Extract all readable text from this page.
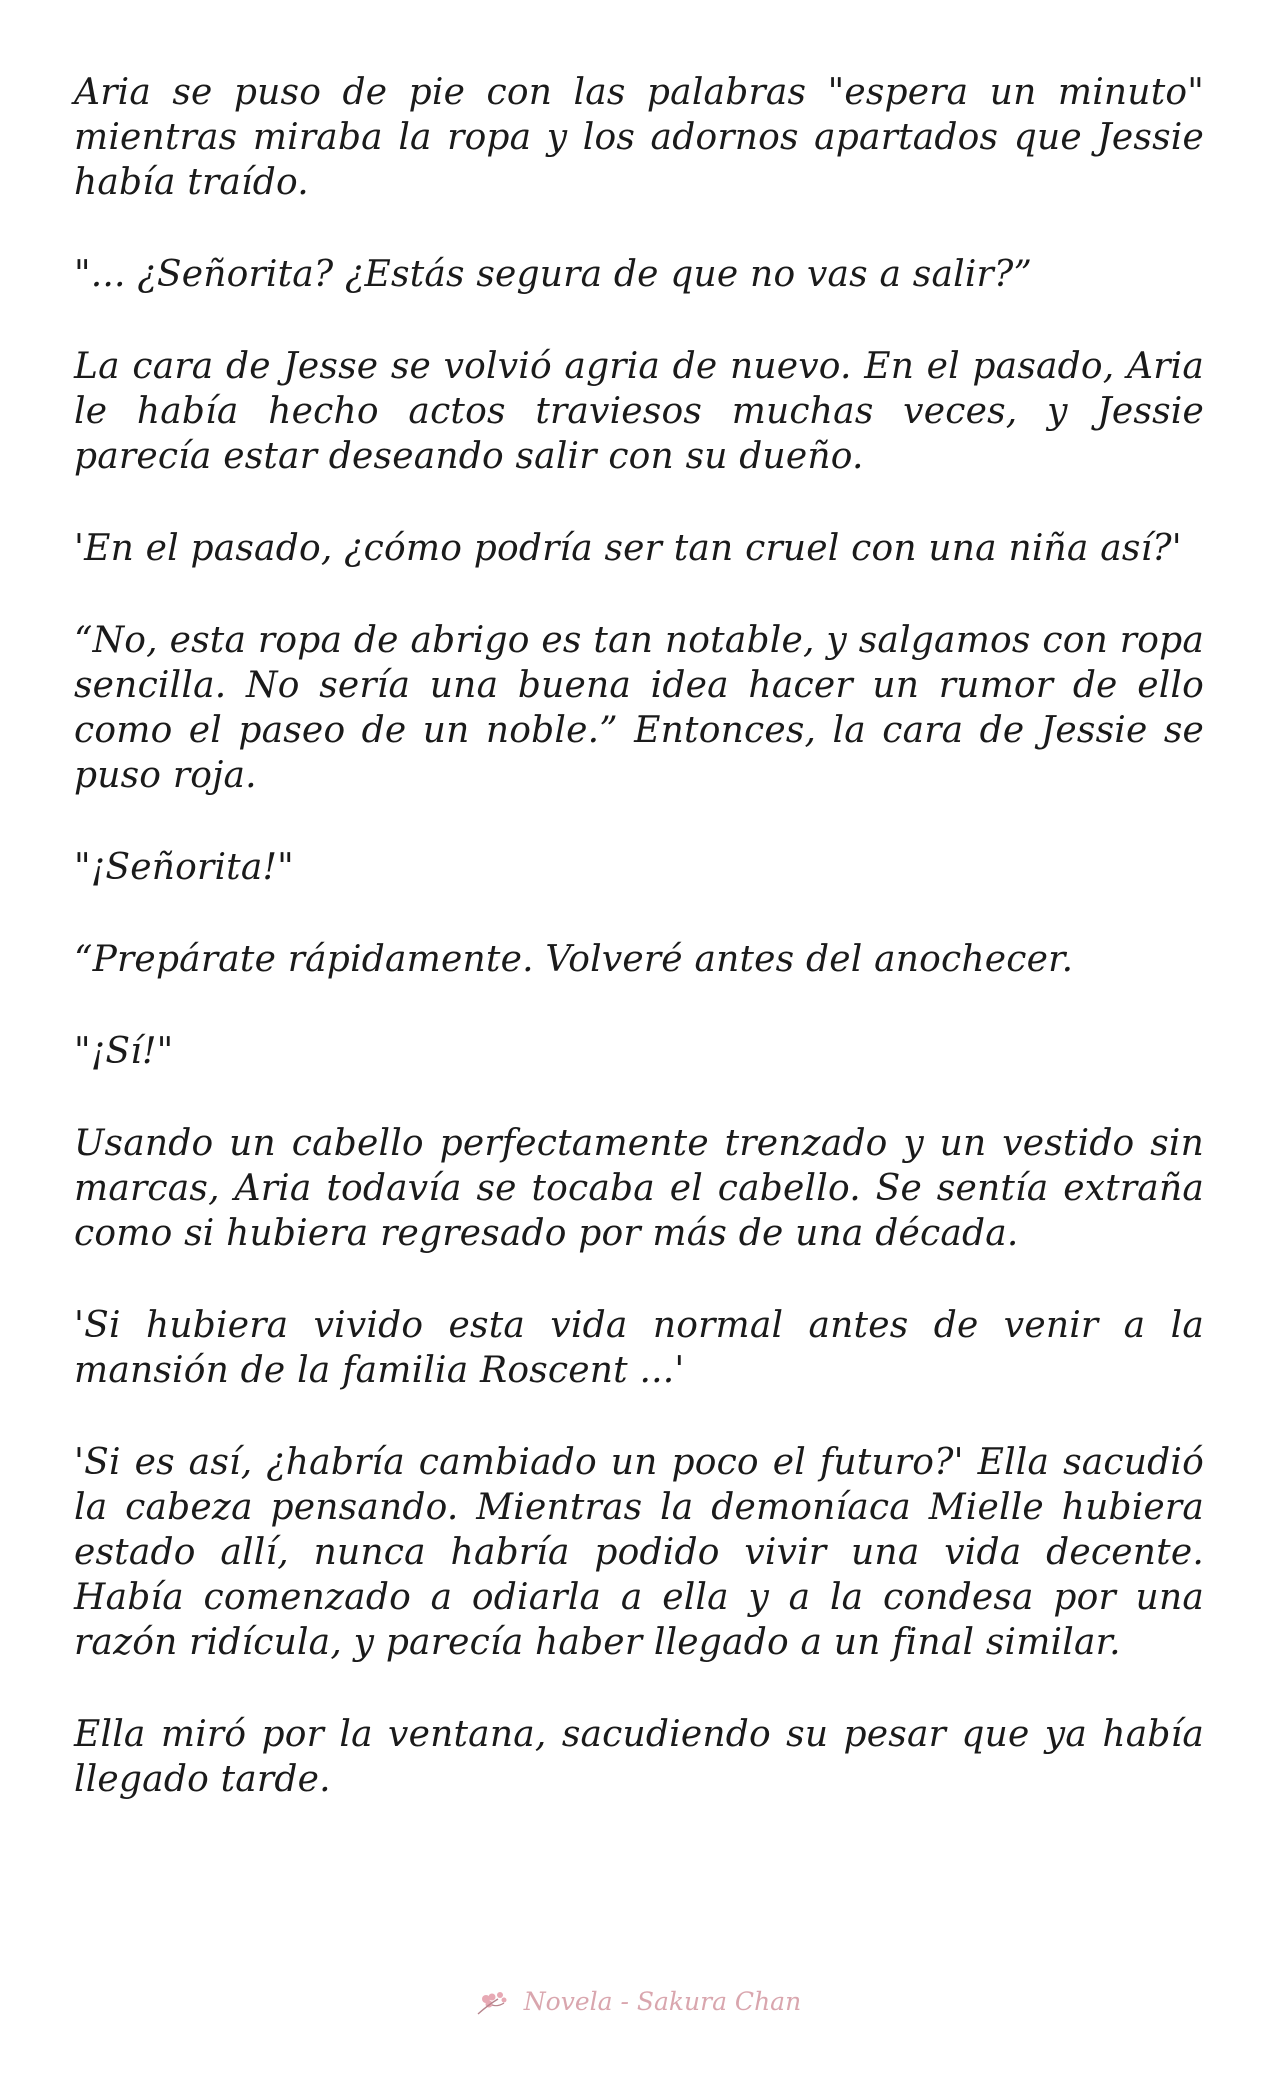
Aria se puso de pie con las palabras "espera un minuto" mientras miraba la ropa y los adornos apartados que Jessie había traído.

"... ¿Señorita? ¿Estás segura de que no vas a salir?”

La cara de Jesse se volvió agria de nuevo. En el pasado, Aria le había hecho actos traviesos muchas veces, y Jessie parecía estar deseando salir con su dueño.

'En el pasado, ¿cómo podría ser tan cruel con una niña así?'

“No, esta ropa de abrigo es tan notable, y salgamos con ropa sencilla. No sería una buena idea hacer un rumor de ello como el paseo de un noble.” Entonces, la cara de Jessie se puso roja.

"¡Señorita!"

“Prepárate rápidamente. Volveré antes del anochecer.

"¡Sí!"

Usando un cabello perfectamente trenzado y un vestido sin marcas, Aria todavía se tocaba el cabello. Se sentía extraña como si hubiera regresado por más de una década.

'Si hubiera vivido esta vida normal antes de venir a la mansión de la familia Roscent ...'

'Si es así, ¿habría cambiado un poco el futuro?' Ella sacudió la cabeza pensando. Mientras la demoníaca Mielle hubiera estado allí, nunca habría podido vivir una vida decente. Había comenzado a odiarla a ella y a la condesa por una razón ridícula, y parecía haber llegado a un final similar.

Ella miró por la ventana, sacudiendo su pesar que ya había llegado tarde.

Novela - Sakura Chan
